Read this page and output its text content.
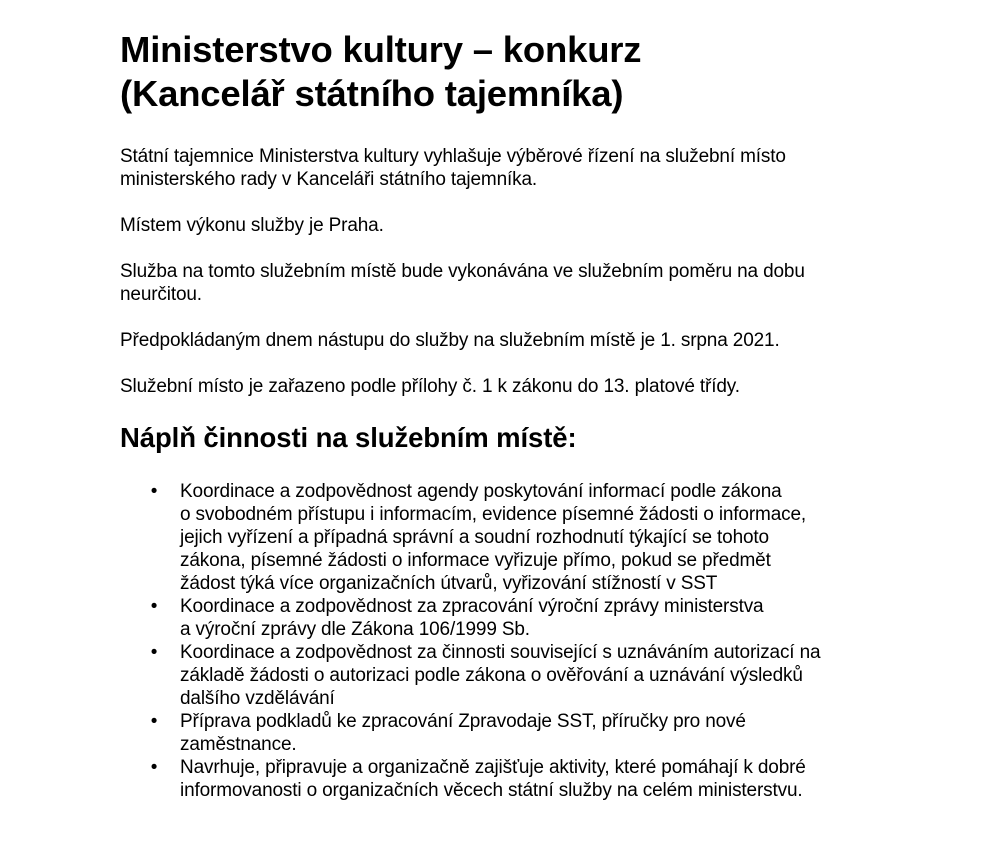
Ministerstvo kultury – konkurz
(Kancelář státního tajemníka)

Státní tajemnice Ministerstva kultury vyhlašuje výběrové řízení na služební místo
ministerského rady v Kanceláři státního tajemníka.

Místem výkonu služby je Praha.

Služba na tomto služebním místě bude vykonávána ve služebním poměru na dobu
neurčitou.

Předpokládaným dnem nástupu do služby na služebním místě je 1. srpna 2021.

Služební místo je zařazeno podle přílohy č. 1 k zákonu do 13. platové třídy.

Náplň činnosti na služebním místě:
• Koordinace a zodpovědnost agendy poskytování informací podle zákona
o svobodném přístupu i informacím, evidence písemné žádosti o informace,
jejich vyřízení a případná správní a soudní rozhodnutí týkající se tohoto
zákona, písemné žádosti o informace vyřizuje přímo, pokud se předmět
žádost týká více organizačních útvarů, vyřizování stížností v SST
• Koordinace a zodpovědnost za zpracování výroční zprávy ministerstva
a výroční zprávy dle Zákona 106/1999 Sb.
• Koordinace a zodpovědnost za činnosti související s uznáváním autorizací na
základě žádosti o autorizaci podle zákona o ověřování a uznávání výsledků
dalšího vzdělávání
• Příprava podkladů ke zpracování Zpravodaje SST, příručky pro nové
zaměstnance.
• Navrhuje, připravuje a organizačně zajišťuje aktivity, které pomáhají k dobré
informovanosti o organizačních věcech státní služby na celém ministerstvu.
